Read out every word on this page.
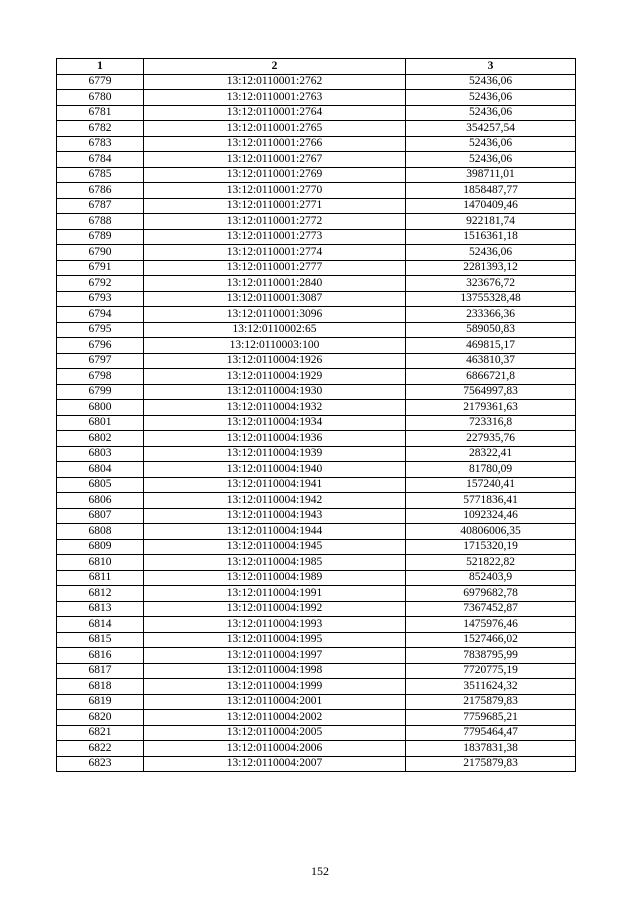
1	2	3
6779	13:12:0110001:2762	52436,06
6780	13:12:0110001:2763	52436,06
6781	13:12:0110001:2764	52436,06
6782	13:12:0110001:2765	354257,54
6783	13:12:0110001:2766	52436,06
6784	13:12:0110001:2767	52436,06
6785	13:12:0110001:2769	398711,01
6786	13:12:0110001:2770	1858487,77
6787	13:12:0110001:2771	1470409,46
6788	13:12:0110001:2772	922181,74
6789	13:12:0110001:2773	1516361,18
6790	13:12:0110001:2774	52436,06
6791	13:12:0110001:2777	2281393,12
6792	13:12:0110001:2840	323676,72
6793	13:12:0110001:3087	13755328,48
6794	13:12:0110001:3096	233366,36
6795	13:12:0110002:65	589050,83
6796	13:12:0110003:100	469815,17
6797	13:12:0110004:1926	463810,37
6798	13:12:0110004:1929	6866721,8
6799	13:12:0110004:1930	7564997,83
6800	13:12:0110004:1932	2179361,63
6801	13:12:0110004:1934	723316,8
6802	13:12:0110004:1936	227935,76
6803	13:12:0110004:1939	28322,41
6804	13:12:0110004:1940	81780,09
6805	13:12:0110004:1941	157240,41
6806	13:12:0110004:1942	5771836,41
6807	13:12:0110004:1943	1092324,46
6808	13:12:0110004:1944	40806006,35
6809	13:12:0110004:1945	1715320,19
6810	13:12:0110004:1985	521822,82
6811	13:12:0110004:1989	852403,9
6812	13:12:0110004:1991	6979682,78
6813	13:12:0110004:1992	7367452,87
6814	13:12:0110004:1993	1475976,46
6815	13:12:0110004:1995	1527466,02
6816	13:12:0110004:1997	7838795,99
6817	13:12:0110004:1998	7720775,19
6818	13:12:0110004:1999	3511624,32
6819	13:12:0110004:2001	2175879,83
6820	13:12:0110004:2002	7759685,21
6821	13:12:0110004:2005	7795464,47
6822	13:12:0110004:2006	1837831,38
6823	13:12:0110004:2007	2175879,83
152
